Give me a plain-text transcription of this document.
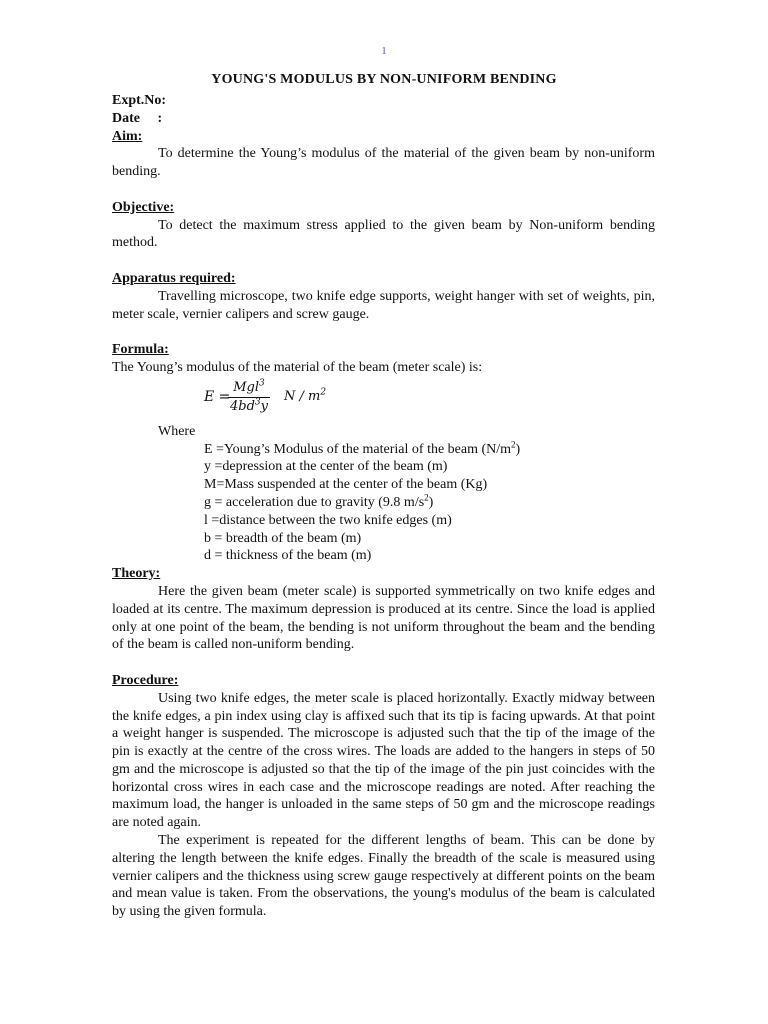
1
YOUNG'S MODULUS BY NON-UNIFORM BENDING

Expt.No:

Date     :

Aim:

To determine the Young’s modulus of the material of the given beam by non-uniform bending.

Objective:

To detect the maximum stress applied to the given beam by Non-uniform bending method.

Apparatus required:

Travelling microscope, two knife edge supports, weight hanger with set of weights, pin, meter scale, vernier calipers and screw gauge.

Formula:

The Young’s modulus of the material of the beam (meter scale) is:

E =
Mgl$^3$
$4bd^3y$
N / $m^2$

Where

E =Young’s Modulus of the material of the beam $(N/m^2)$

y =depression at the center of the beam (m)

M=Mass suspended at the center of the beam (Kg)

g = acceleration due to gravity (9.8 $m/s^2$)

l =distance between the two knife edges (m)

b = breadth of the beam (m)

d = thickness of the beam (m)

Theory:

Here the given beam (meter scale) is supported symmetrically on two knife edges and loaded at its centre. The maximum depression is produced at its centre. Since the load is applied only at one point of the beam, the bending is not uniform throughout the beam and the bending of the beam is called non-uniform bending.

Procedure:

Using two knife edges, the meter scale is placed horizontally. Exactly midway between the knife edges, a pin index using clay is affixed such that its tip is facing upwards. At that point a weight hanger is suspended. The microscope is adjusted such that the tip of the image of the pin is exactly at the centre of the cross wires. The loads are added to the hangers in steps of 50 gm and the microscope is adjusted so that the tip of the image of the pin just coincides with the horizontal cross wires in each case and the microscope readings are noted. After reaching the maximum load, the hanger is unloaded in the same steps of 50 gm and the microscope readings are noted again.

The experiment is repeated for the different lengths of beam. This can be done by altering the length between the knife edges. Finally the breadth of the scale is measured using vernier calipers and the thickness using screw gauge respectively at different points on the beam and mean value is taken. From the observations, the young's modulus of the beam is calculated by using the given formula.
